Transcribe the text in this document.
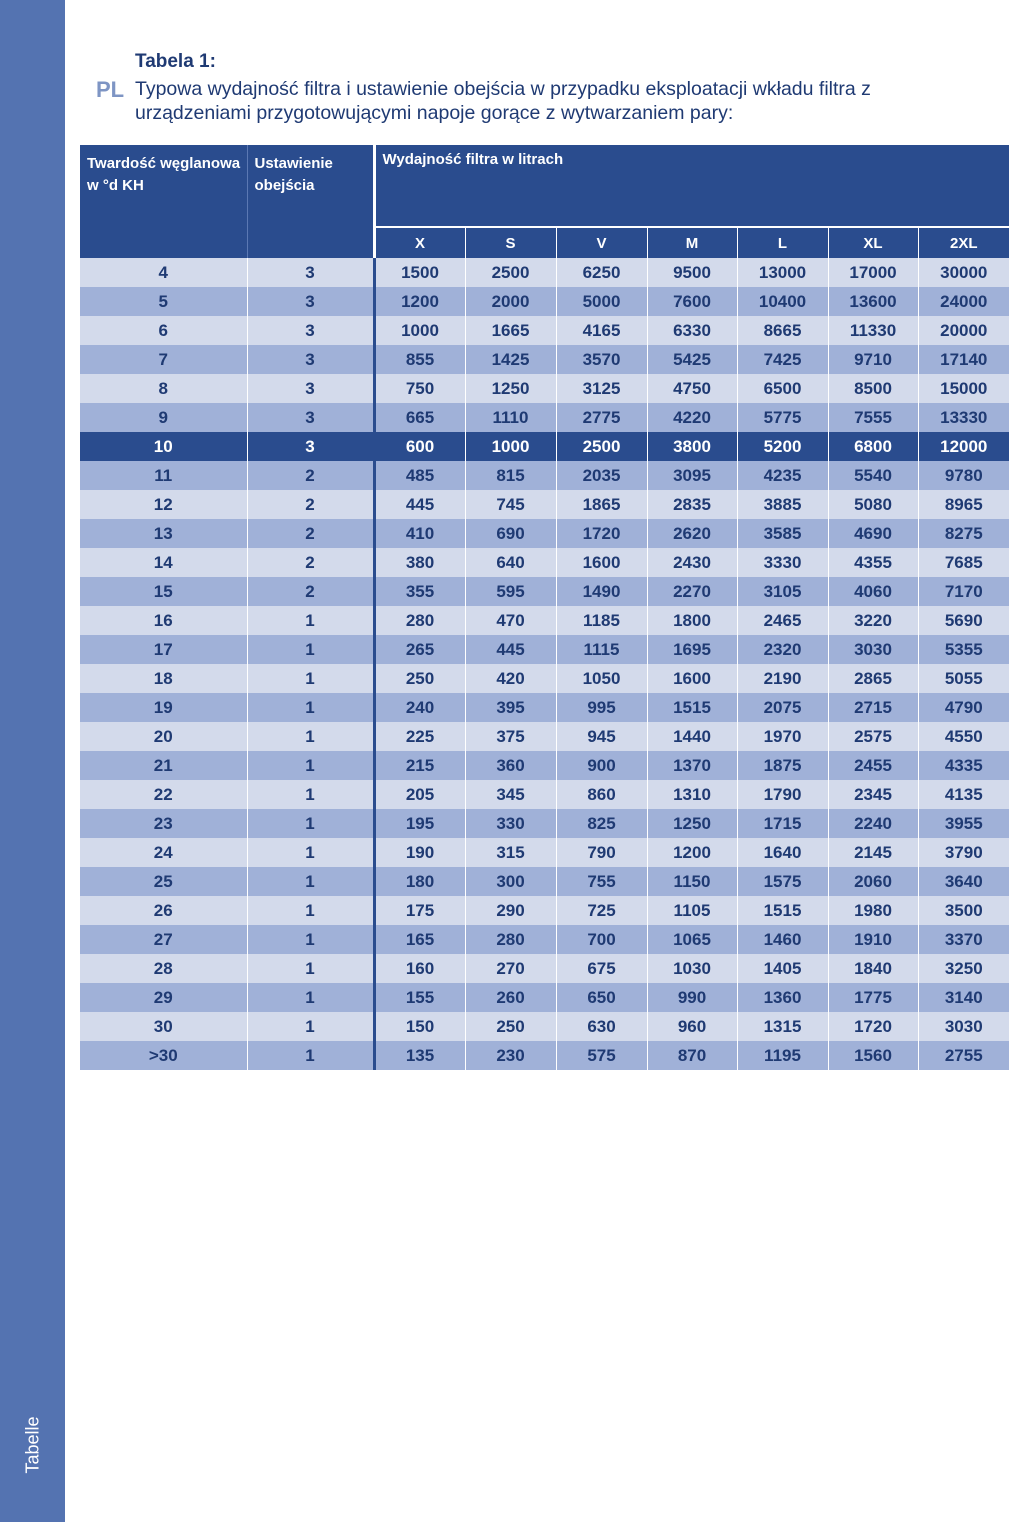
Tabelle
Tabela 1:
PL Typowa wydajność filtra i ustawienie obejścia w przypadku eksploatacji wkładu filtra z urządzeniami przygotowującymi napoje gorące z wytwarzaniem pary:
Twardość węglanowa w °d KH	Ustawienie obejścia	Wydajność filtra w litrach						
		X	S	V	M	L	XL	2XL
4	3	1500	2500	6250	9500	13000	17000	30000
5	3	1200	2000	5000	7600	10400	13600	24000
6	3	1000	1665	4165	6330	8665	11330	20000
7	3	855	1425	3570	5425	7425	9710	17140
8	3	750	1250	3125	4750	6500	8500	15000
9	3	665	1110	2775	4220	5775	7555	13330
10	3	600	1000	2500	3800	5200	6800	12000
11	2	485	815	2035	3095	4235	5540	9780
12	2	445	745	1865	2835	3885	5080	8965
13	2	410	690	1720	2620	3585	4690	8275
14	2	380	640	1600	2430	3330	4355	7685
15	2	355	595	1490	2270	3105	4060	7170
16	1	280	470	1185	1800	2465	3220	5690
17	1	265	445	1115	1695	2320	3030	5355
18	1	250	420	1050	1600	2190	2865	5055
19	1	240	395	995	1515	2075	2715	4790
20	1	225	375	945	1440	1970	2575	4550
21	1	215	360	900	1370	1875	2455	4335
22	1	205	345	860	1310	1790	2345	4135
23	1	195	330	825	1250	1715	2240	3955
24	1	190	315	790	1200	1640	2145	3790
25	1	180	300	755	1150	1575	2060	3640
26	1	175	290	725	1105	1515	1980	3500
27	1	165	280	700	1065	1460	1910	3370
28	1	160	270	675	1030	1405	1840	3250
29	1	155	260	650	990	1360	1775	3140
30	1	150	250	630	960	1315	1720	3030
>30	1	135	230	575	870	1195	1560	2755
